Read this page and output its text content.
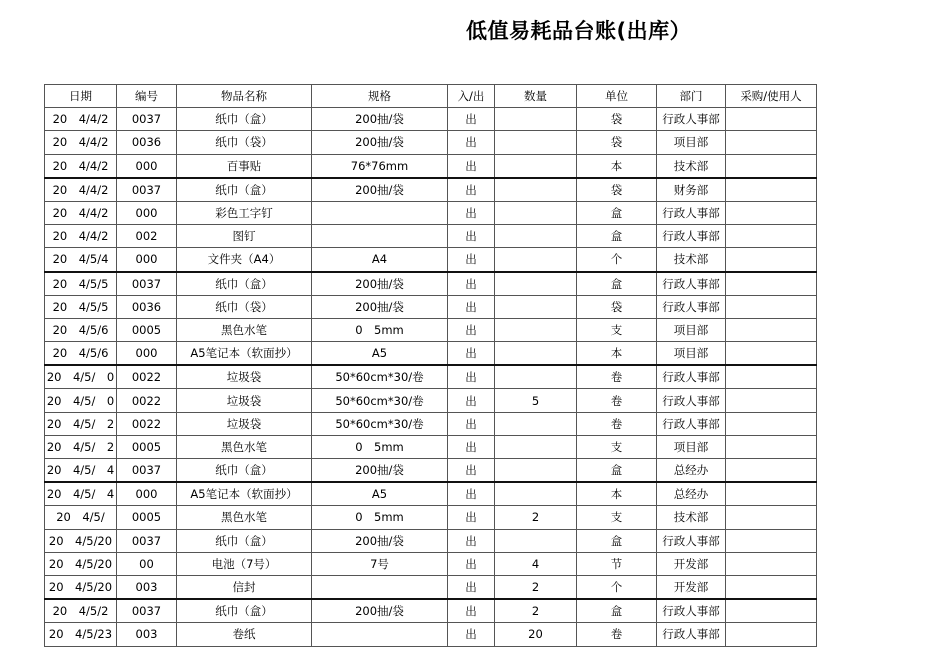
低值易耗品台账(出库）
日期	编号	物品名称	规格	入/出	数量	单位	部门	采购/使用人
20　4/4/2	0037	纸巾（盒）	200抽/袋	出		袋	行政人事部	
20　4/4/2	0036	纸巾（袋）	200抽/袋	出		袋	项目部	
20　4/4/2	000	百事贴	76*76mm	出		本	技术部	
20　4/4/2	0037	纸巾（盒）	200抽/袋	出		袋	财务部	
20　4/4/2	000	彩色工字钉		出		盒	行政人事部	
20　4/4/2	002	图钉		出		盒	行政人事部	
20　4/5/4	000	文件夹（A4）	A4	出		个	技术部	
20　4/5/5	0037	纸巾（盒）	200抽/袋	出		盒	行政人事部	
20　4/5/5	0036	纸巾（袋）	200抽/袋	出		袋	行政人事部	
20　4/5/6	0005	黑色水笔	0　5mm	出		支	项目部	
20　4/5/6	000	A5笔记本（软面抄）	A5	出		本	项目部	
20　4/5/　0	0022	垃圾袋	50*60cm*30/卷	出		卷	行政人事部	
20　4/5/　0	0022	垃圾袋	50*60cm*30/卷	出	5	卷	行政人事部	
20　4/5/　2	0022	垃圾袋	50*60cm*30/卷	出		卷	行政人事部	
20　4/5/　2	0005	黑色水笔	0　5mm	出		支	项目部	
20　4/5/　4	0037	纸巾（盒）	200抽/袋	出		盒	总经办	
20　4/5/　4	000	A5笔记本（软面抄）	A5	出		本	总经办	
20　4/5/	0005	黑色水笔	0　5mm	出	2	支	技术部	
20　4/5/20	0037	纸巾（盒）	200抽/袋	出		盒	行政人事部	
20　4/5/20	00	电池（7号）	7号	出	4	节	开发部	
20　4/5/20	003	信封		出	2	个	开发部	
20　4/5/2	0037	纸巾（盒）	200抽/袋	出	2	盒	行政人事部	
20　4/5/23	003	卷纸		出	20	卷	行政人事部	
